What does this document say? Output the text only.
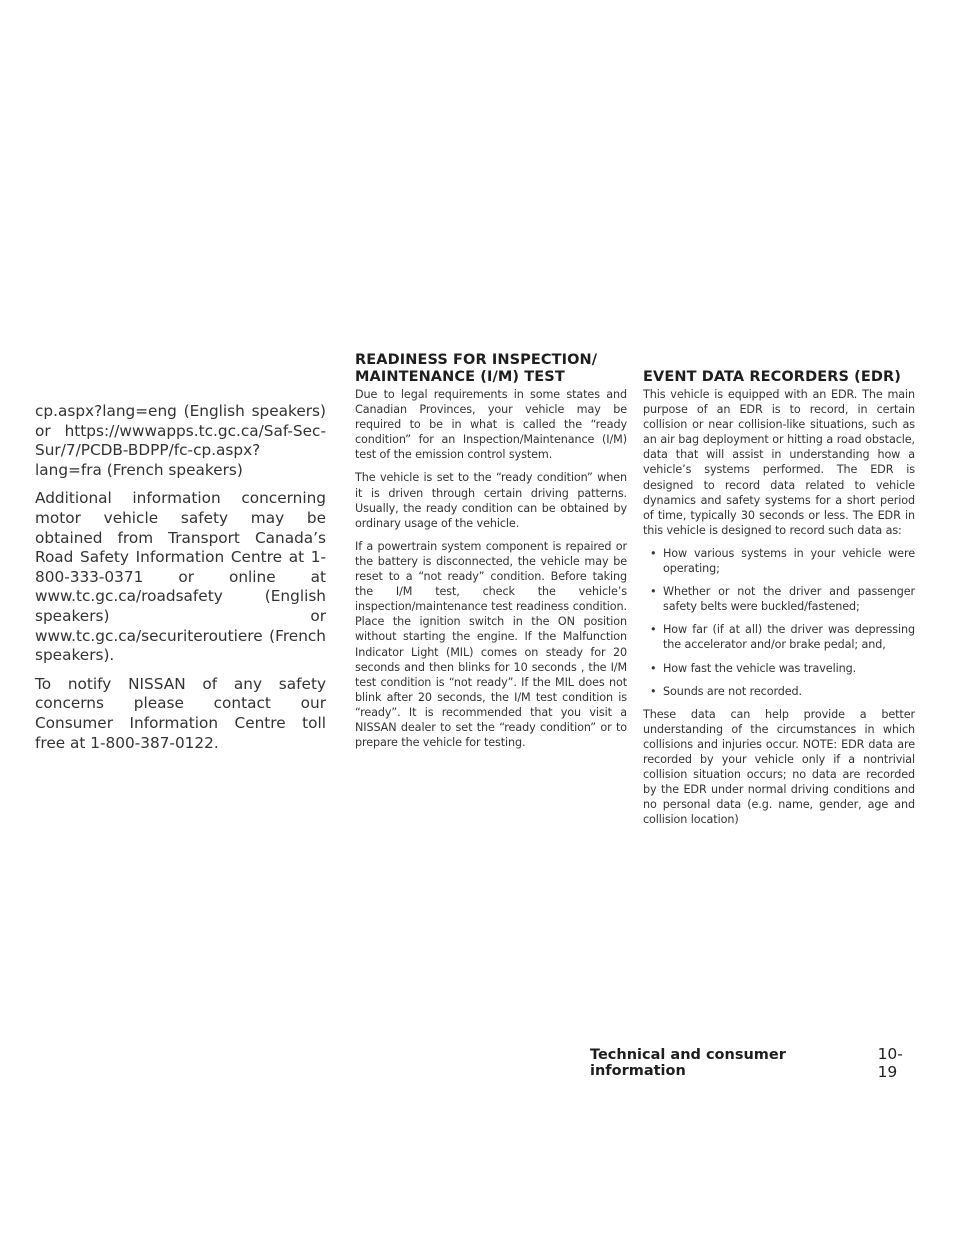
cp.aspx?lang=eng (English speakers) or https://wwwapps.tc.gc.ca/Saf-Sec-Sur/7/PCDB-BDPP/fc-cp.aspx?lang=fra (French speakers)

Additional information concerning motor vehicle safety may be obtained from Transport Canada’s Road Safety Information Centre at 1-800-333-0371 or online at www.tc.gc.ca/roadsafety (English speakers) or www.tc.gc.ca/securiteroutiere (French speakers).

To notify NISSAN of any safety concerns please contact our Consumer Information Centre toll free at 1-800-387-0122.

READINESS FOR INSPECTION/
MAINTENANCE (I/M) TEST

Due to legal requirements in some states and Canadian Provinces, your vehicle may be required to be in what is called the “ready condition” for an Inspection/Maintenance (I/M) test of the emission control system.

The vehicle is set to the “ready condition” when it is driven through certain driving patterns. Usually, the ready condition can be obtained by ordinary usage of the vehicle.

If a powertrain system component is repaired or the battery is disconnected, the vehicle may be reset to a “not ready” condition. Before taking the I/M test, check the vehicle’s inspection/maintenance test readiness condition. Place the ignition switch in the ON position without starting the engine. If the Malfunction Indicator Light (MIL) comes on steady for 20 seconds and then blinks for 10 seconds , the I/M test condition is “not ready”. If the MIL does not blink after 20 seconds, the I/M test condition is “ready”. It is recommended that you visit a NISSAN dealer to set the “ready condition” or to prepare the vehicle for testing.

EVENT DATA RECORDERS (EDR)

This vehicle is equipped with an EDR. The main purpose of an EDR is to record, in certain collision or near collision-like situations, such as an air bag deployment or hitting a road obstacle, data that will assist in understanding how a vehicle’s systems performed. The EDR is designed to record data related to vehicle dynamics and safety systems for a short period of time, typically 30 seconds or less. The EDR in this vehicle is designed to record such data as:

• How various systems in your vehicle were operating;
• Whether or not the driver and passenger safety belts were buckled/fastened;
• How far (if at all) the driver was depressing the accelerator and/or brake pedal; and,
• How fast the vehicle was traveling.
• Sounds are not recorded.

These data can help provide a better understanding of the circumstances in which collisions and injuries occur. NOTE: EDR data are recorded by your vehicle only if a nontrivial collision situation occurs; no data are recorded by the EDR under normal driving conditions and no personal data (e.g. name, gender, age and collision location)

Technical and consumer information
10-19
